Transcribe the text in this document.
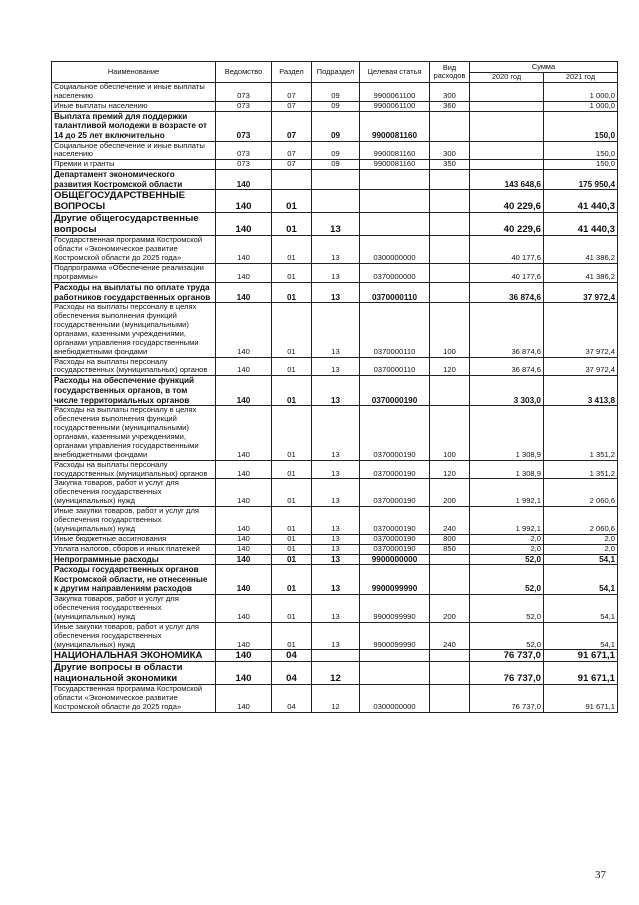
Наименование	Ведомство	Раздел	Подраздел	Целевая статья	Вид расходов	Сумма	
						2020 год	2021 год
Социальное обеспечение и иные выплаты населению	073	07	09	9900061100	300		1 000,0
Иные выплаты населению	073	07	09	9900061100	360		1 000,0
Выплата премий для поддержки талантливой молодежи в возрасте от 14 до 25 лет включительно	073	07	09	9900081160			150,0
Социальное обеспечение и иные выплаты населению	073	07	09	9900081160	300		150,0
Премии и гранты	073	07	09	9900081160	350		150,0
Департамент экономического развития Костромской области	140					143 648,6	175 950,4
ОБЩЕГОСУДАРСТВЕННЫЕ ВОПРОСЫ	140	01				40 229,6	41 440,3
Другие общегосударственные вопросы	140	01	13			40 229,6	41 440,3
Государственная программа Костромской области «Экономическое развитие Костромской области до 2025 года»	140	01	13	0300000000		40 177,6	41 386,2
Подпрограмма «Обеспечение реализации программы»	140	01	13	0370000000		40 177,6	41 386,2
Расходы на выплаты по оплате труда работников государственных органов	140	01	13	0370000110		36 874,6	37 972,4
Расходы на выплаты персоналу в целях обеспечения выполнения функций государственными (муниципальными) органами, казенными учреждениями, органами управления государственными внебюджетными фондами	140	01	13	0370000110	100	36 874,6	37 972,4
Расходы на выплаты персоналу государственных (муниципальных) органов	140	01	13	0370000110	120	36 874,6	37 972,4
Расходы на обеспечение функций государственных органов, в том числе территориальных органов	140	01	13	0370000190		3 303,0	3 413,8
Расходы на выплаты персоналу в целях обеспечения выполнения функций государственными (муниципальными) органами, казенными учреждениями, органами управления государственными внебюджетными фондами	140	01	13	0370000190	100	1 308,9	1 351,2
Расходы на выплаты персоналу государственных (муниципальных) органов	140	01	13	0370000190	120	1 308,9	1 351,2
Закупка товаров, работ и услуг для обеспечения государственных (муниципальных) нужд	140	01	13	0370000190	200	1 992,1	2 060,6
Иные закупки товаров, работ и услуг для обеспечения государственных (муниципальных) нужд	140	01	13	0370000190	240	1 992,1	2 060,6
Иные бюджетные ассигнования	140	01	13	0370000190	800	2,0	2,0
Уплата налогов, сборов и иных платежей	140	01	13	0370000190	850	2,0	2,0
Непрограммные расходы	140	01	13	9900000000		52,0	54,1
Расходы государственных органов Костромской области, не отнесенные к другим направлениям расходов	140	01	13	9900099990		52,0	54,1
Закупка товаров, работ и услуг для обеспечения государственных (муниципальных) нужд	140	01	13	9900099990	200	52,0	54,1
Иные закупки товаров, работ и услуг для обеспечения государственных (муниципальных) нужд	140	01	13	9900099990	240	52,0	54,1
НАЦИОНАЛЬНАЯ ЭКОНОМИКА	140	04				76 737,0	91 671,1
Другие вопросы в области национальной экономики	140	04	12			76 737,0	91 671,1
Государственная программа Костромской области «Экономическое развитие Костромской области до 2025 года»	140	04	12	0300000000		76 737,0	91 671,1
37
